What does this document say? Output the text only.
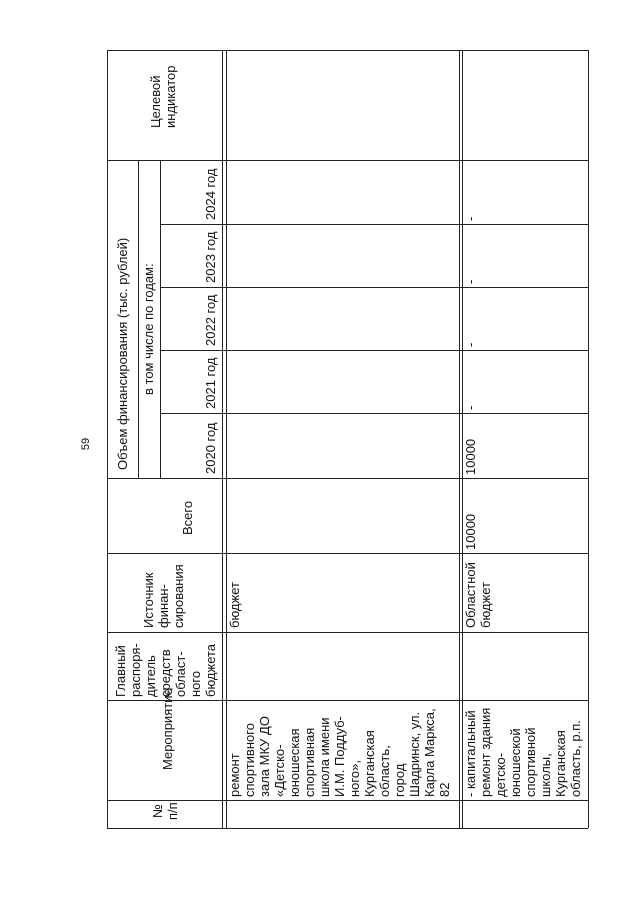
59
№ п/п
Мероприятие
Главный распоря- дитель средств област- ного бюджета
Источник финан- сирования
Объем финансирования (тыс. рублей) в том числе по годам:
Всего
2020 год
2021 год
2022 год
2023 год
2024 год
Целевой индикатор
ремонт спортивного зала МКУ ДО «Детско- юношеская спортивная школа имени И.М. Поддуб- ного», Курганская область, город Шадринск, ул. Карла Маркса, 82
бюджет
- капитальный ремонт здания детско- юношеской спортивной школы, Курганская область, р.п.
Областной бюджет
10000
10000
-
-
-
-
